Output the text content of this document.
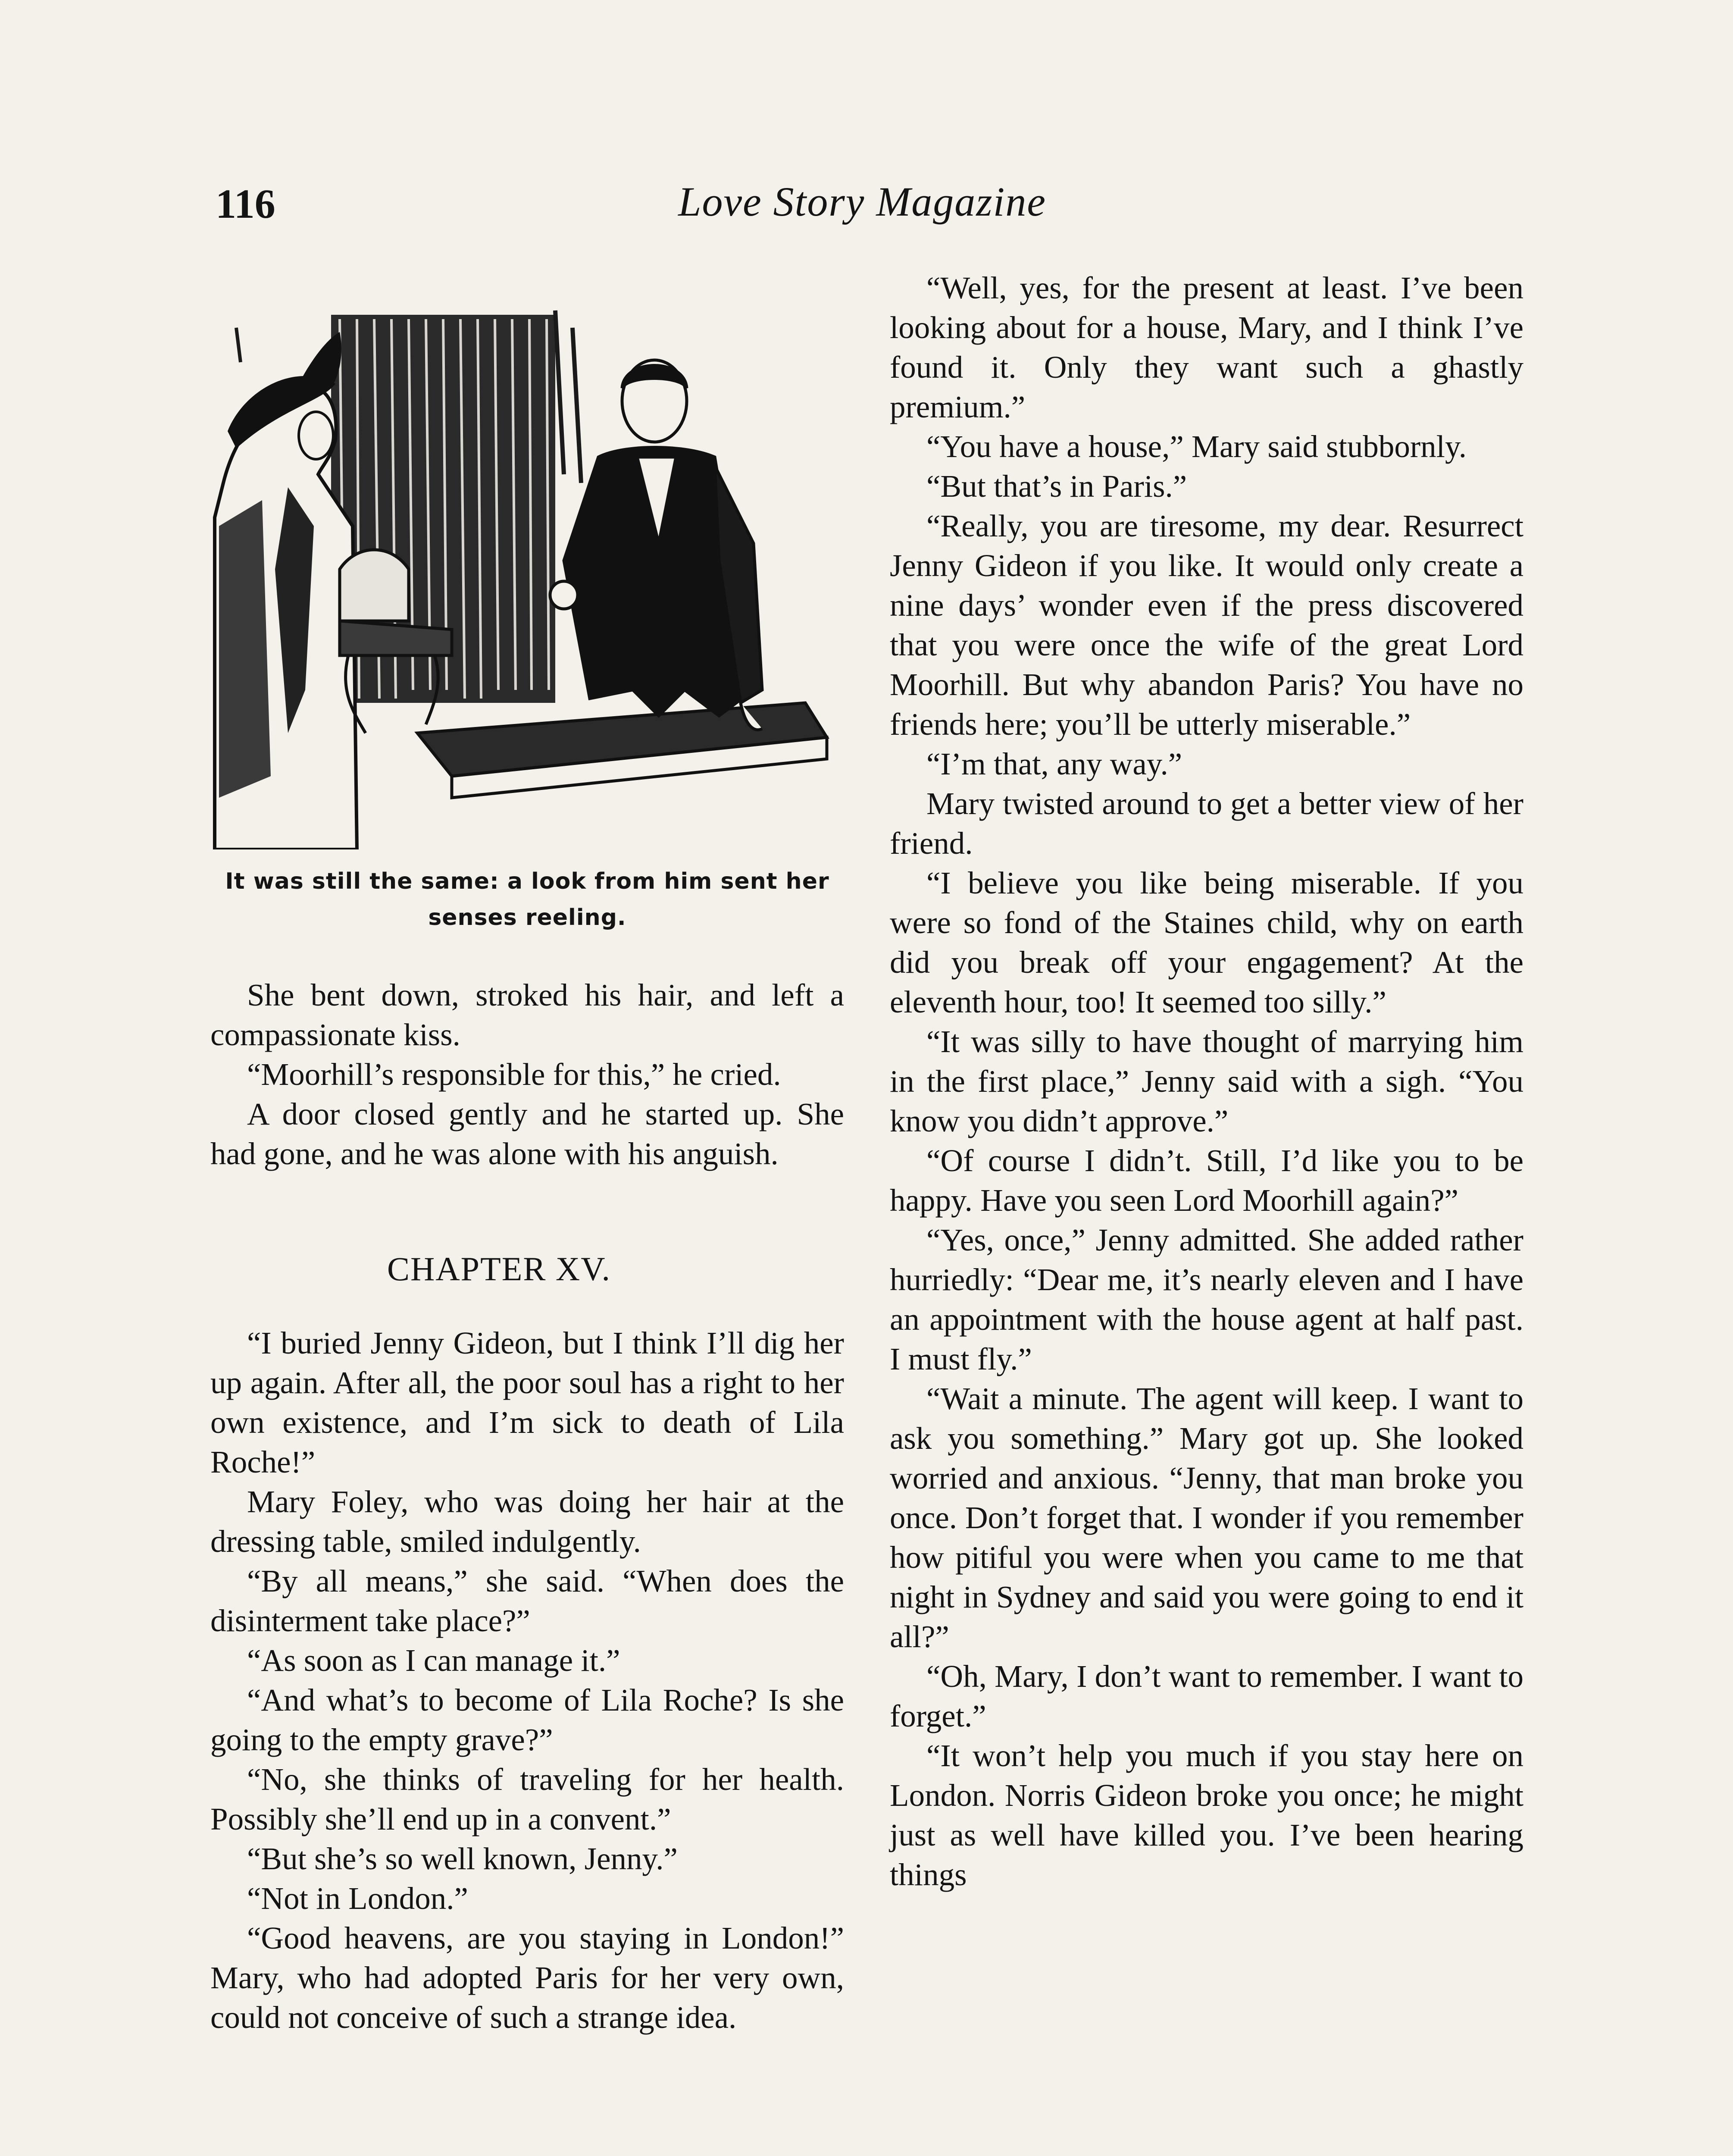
116	Love Story Magazine
It was still the same: a look from him sent her senses reeling.

She bent down, stroked his hair, and left a compassionate kiss.

“Moorhill’s responsible for this,” he cried.

A door closed gently and he started up. She had gone, and he was alone with his anguish.

CHAPTER XV.

“I buried Jenny Gideon, but I think I’ll dig her up again. After all, the poor soul has a right to her own existence, and I’m sick to death of Lila Roche!”

Mary Foley, who was doing her hair at the dressing table, smiled indulgently.

“By all means,” she said. “When does the disinterment take place?”

“As soon as I can manage it.”

“And what’s to become of Lila Roche? Is she going to the empty grave?”

“No, she thinks of traveling for her health. Possibly she’ll end up in a convent.”

“But she’s so well known, Jenny.”

“Not in London.”

“Good heavens, are you staying in London!” Mary, who had adopted Paris for her very own, could not conceive of such a strange idea.

“Well, yes, for the present at least. I’ve been looking about for a house, Mary, and I think I’ve found it. Only they want such a ghastly premium.”

“You have a house,” Mary said stubbornly.

“But that’s in Paris.”

“Really, you are tiresome, my dear. Resurrect Jenny Gideon if you like. It would only create a nine days’ wonder even if the press discovered that you were once the wife of the great Lord Moorhill. But why abandon Paris? You have no friends here; you’ll be utterly miserable.”

“I’m that, any way.”

Mary twisted around to get a better view of her friend.

“I believe you like being miserable. If you were so fond of the Staines child, why on earth did you break off your engagement? At the eleventh hour, too! It seemed too silly.”

“It was silly to have thought of marrying him in the first place,” Jenny said with a sigh. “You know you didn’t approve.”

“Of course I didn’t. Still, I’d like you to be happy. Have you seen Lord Moorhill again?”

“Yes, once,” Jenny admitted. She added rather hurriedly: “Dear me, it’s nearly eleven and I have an appointment with the house agent at half past. I must fly.”

“Wait a minute. The agent will keep. I want to ask you something.” Mary got up. She looked worried and anxious. “Jenny, that man broke you once. Don’t forget that. I wonder if you remember how pitiful you were when you came to me that night in Sydney and said you were going to end it all?”

“Oh, Mary, I don’t want to remember. I want to forget.”

“It won’t help you much if you stay here on London. Norris Gideon broke you once; he might just as well have killed you. I’ve been hearing things
